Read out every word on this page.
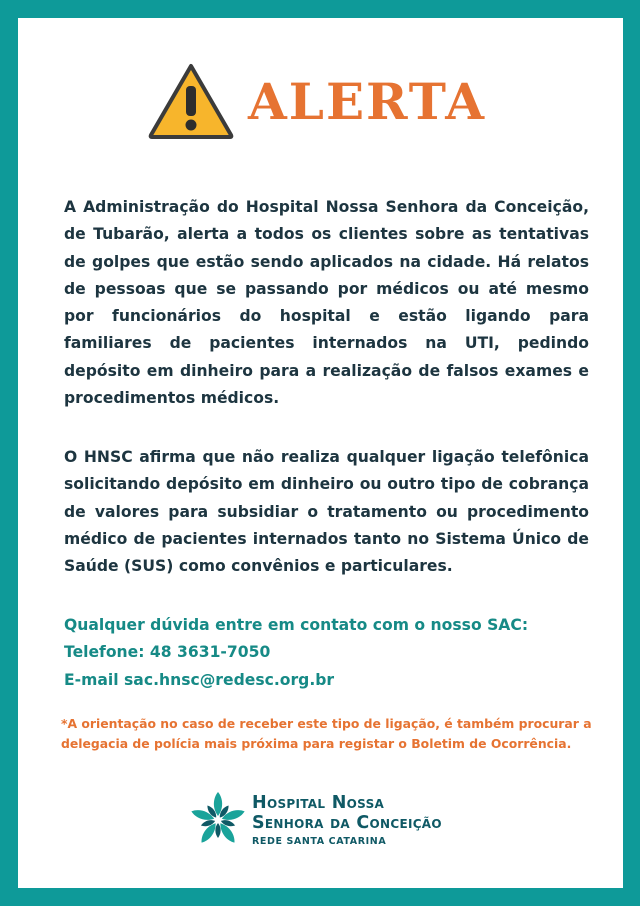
ALERTA

A Administração do Hospital Nossa Senhora da Conceição, de Tubarão, alerta a todos os clientes sobre as tentativas de golpes que estão sendo aplicados na cidade. Há relatos de pessoas que se passando por médicos ou até mesmo por funcionários do hospital e estão ligando para familiares de pacientes internados na UTI, pedindo depósito em dinheiro para a realização de falsos exames e procedimentos médicos.

O HNSC afirma que não realiza qualquer ligação telefônica solicitando depósito em dinheiro ou outro tipo de cobrança de valores para subsidiar o tratamento ou procedimento médico de pacientes internados tanto no Sistema Único de Saúde (SUS) como convênios e particulares.

Qualquer dúvida entre em contato com o nosso SAC:
Telefone: 48 3631-7050
E-mail sac.hnsc@redesc.org.br

*A orientação no caso de receber este tipo de ligação, é também procurar a delegacia de polícia mais próxima para registar o Boletim de Ocorrência.

Hospital Nossa
Senhora da Conceição
REDE SANTA CATARINA
